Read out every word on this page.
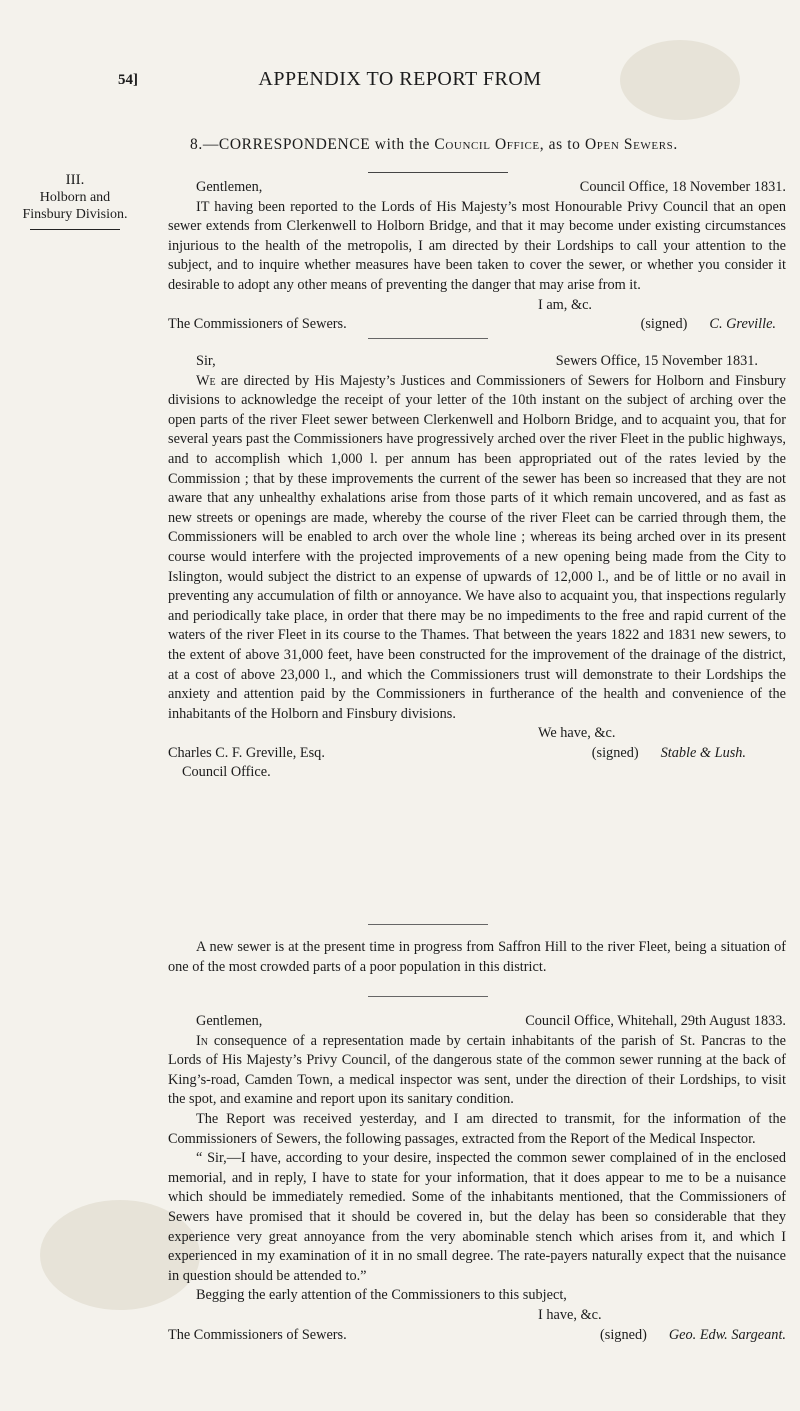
54]	APPENDIX TO REPORT FROM
8.—CORRESPONDENCE with the Council Office, as to Open Sewers.
III.
Holborn and
Finsbury Division.
Gentlemen,	Council Office, 18 November 1831.

IT having been reported to the Lords of His Majesty’s most Honourable Privy Council that an open sewer extends from Clerkenwell to Holborn Bridge, and that it may become under existing circumstances injurious to the health of the metropolis, I am directed by their Lordships to call your attention to the subject, and to inquire whether measures have been taken to cover the sewer, or whether you consider it desirable to adopt any other means of preventing the danger that may arise from it.

I am, &c.
The Commissioners of Sewers.	(signed) C. Greville.
Sir,	Sewers Office, 15 November 1831.

We are directed by His Majesty’s Justices and Commissioners of Sewers for Holborn and Finsbury divisions to acknowledge the receipt of your letter of the 10th instant on the subject of arching over the open parts of the river Fleet sewer between Clerkenwell and Holborn Bridge, and to acquaint you, that for several years past the Commissioners have progressively arched over the river Fleet in the public highways, and to accomplish which 1,000 l. per annum has been appropriated out of the rates levied by the Commission ; that by these improvements the current of the sewer has been so increased that they are not aware that any unhealthy exhalations arise from those parts of it which remain uncovered, and as fast as new streets or openings are made, whereby the course of the river Fleet can be carried through them, the Commissioners will be enabled to arch over the whole line ; whereas its being arched over in its present course would interfere with the projected improvements of a new opening being made from the City to Islington, would subject the district to an expense of upwards of 12,000 l., and be of little or no avail in preventing any accumulation of filth or annoyance. We have also to acquaint you, that inspections regularly and periodically take place, in order that there may be no impediments to the free and rapid current of the waters of the river Fleet in its course to the Thames. That between the years 1822 and 1831 new sewers, to the extent of above 31,000 feet, have been constructed for the improvement of the drainage of the district, at a cost of above 23,000 l., and which the Commissioners trust will demonstrate to their Lordships the anxiety and attention paid by the Commissioners in furtherance of the health and convenience of the inhabitants of the Holborn and Finsbury divisions.

We have, &c.
Charles C. F. Greville, Esq.	(signed) Stable & Lush.
Council Office.

A new sewer is at the present time in progress from Saffron Hill to the river Fleet, being a situation of one of the most crowded parts of a poor population in this district.

Gentlemen,	Council Office, Whitehall, 29th August 1833.

In consequence of a representation made by certain inhabitants of the parish of St. Pancras to the Lords of His Majesty’s Privy Council, of the dangerous state of the common sewer running at the back of King’s-road, Camden Town, a medical inspector was sent, under the direction of their Lordships, to visit the spot, and examine and report upon its sanitary condition.

The Report was received yesterday, and I am directed to transmit, for the information of the Commissioners of Sewers, the following passages, extracted from the Report of the Medical Inspector.

“ Sir,—I have, according to your desire, inspected the common sewer complained of in the enclosed memorial, and in reply, I have to state for your information, that it does appear to me to be a nuisance which should be immediately remedied. Some of the inhabitants mentioned, that the Commissioners of Sewers have promised that it should be covered in, but the delay has been so considerable that they experience very great annoyance from the very abominable stench which arises from it, and which I experienced in my examination of it in no small degree. The rate-payers naturally expect that the nuisance in question should be attended to.”

Begging the early attention of the Commissioners to this subject,

I have, &c.
The Commissioners of Sewers.	(signed) Geo. Edw. Sargeant.
